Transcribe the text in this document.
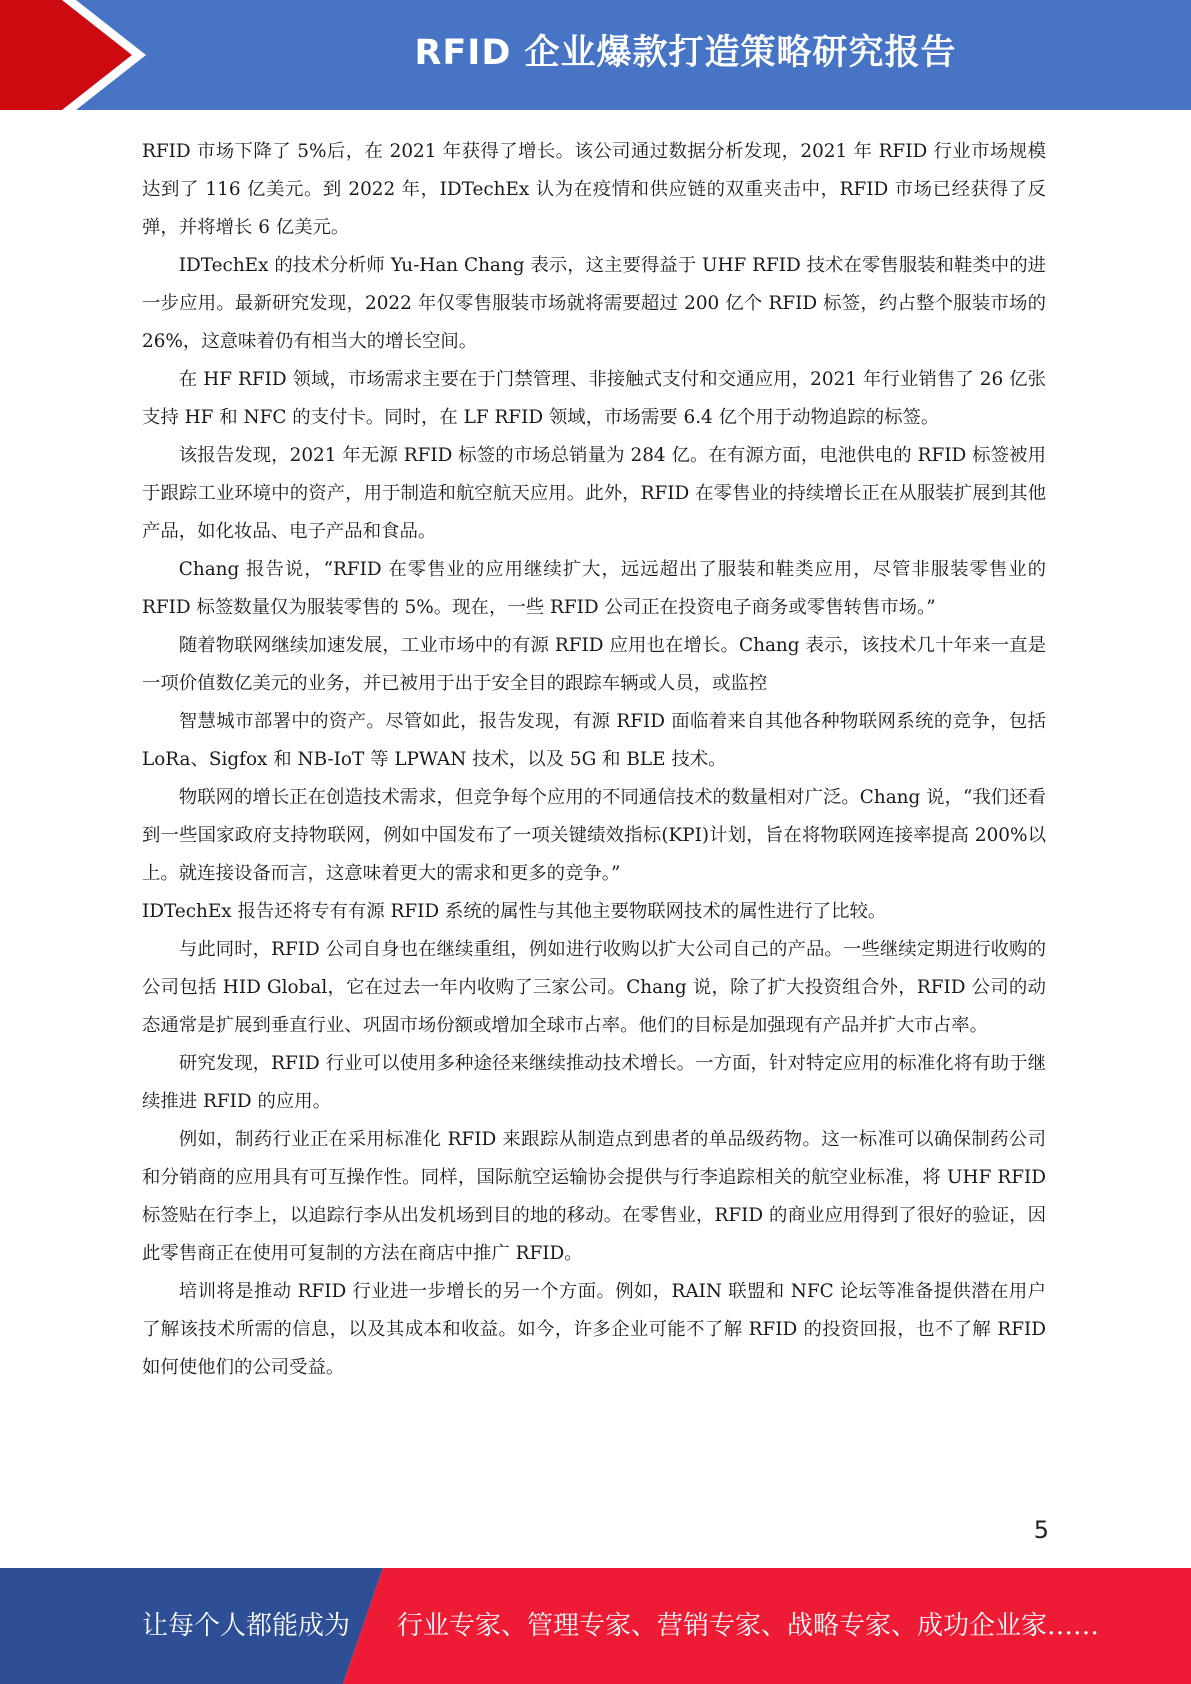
RFID 企业爆款打造策略研究报告

RFID 市场下降了 5%后，在 2021 年获得了增长。该公司通过数据分析发现，2021 年 RFID 行业市场规模达到了 116 亿美元。到 2022 年，IDTechEx 认为在疫情和供应链的双重夹击中，RFID 市场已经获得了反弹，并将增长 6 亿美元。

IDTechEx 的技术分析师 Yu-Han Chang 表示，这主要得益于 UHF RFID 技术在零售服装和鞋类中的进一步应用。最新研究发现，2022 年仅零售服装市场就将需要超过 200 亿个 RFID 标签，约占整个服装市场的 26%，这意味着仍有相当大的增长空间。

在 HF RFID 领域，市场需求主要在于门禁管理、非接触式支付和交通应用，2021 年行业销售了 26 亿张支持 HF 和 NFC 的支付卡。同时，在 LF RFID 领域，市场需要 6.4 亿个用于动物追踪的标签。

该报告发现，2021 年无源 RFID 标签的市场总销量为 284 亿。在有源方面，电池供电的 RFID 标签被用于跟踪工业环境中的资产，用于制造和航空航天应用。此外，RFID 在零售业的持续增长正在从服装扩展到其他产品，如化妆品、电子产品和食品。

Chang 报告说，“RFID 在零售业的应用继续扩大，远远超出了服装和鞋类应用，尽管非服装零售业的 RFID 标签数量仅为服装零售的 5%。现在，一些 RFID 公司正在投资电子商务或零售转售市场。”

随着物联网继续加速发展，工业市场中的有源 RFID 应用也在增长。Chang 表示，该技术几十年来一直是一项价值数亿美元的业务，并已被用于出于安全目的跟踪车辆或人员，或监控

智慧城市部署中的资产。尽管如此，报告发现，有源 RFID 面临着来自其他各种物联网系统的竞争，包括 LoRa、Sigfox 和 NB-IoT 等 LPWAN 技术，以及 5G 和 BLE 技术。

物联网的增长正在创造技术需求，但竞争每个应用的不同通信技术的数量相对广泛。Chang 说，“我们还看到一些国家政府支持物联网，例如中国发布了一项关键绩效指标(KPI)计划，旨在将物联网连接率提高 200%以上。就连接设备而言，这意味着更大的需求和更多的竞争。”

IDTechEx 报告还将专有有源 RFID 系统的属性与其他主要物联网技术的属性进行了比较。

与此同时，RFID 公司自身也在继续重组，例如进行收购以扩大公司自己的产品。一些继续定期进行收购的公司包括 HID Global，它在过去一年内收购了三家公司。Chang 说，除了扩大投资组合外，RFID 公司的动态通常是扩展到垂直行业、巩固市场份额或增加全球市占率。他们的目标是加强现有产品并扩大市占率。

研究发现，RFID 行业可以使用多种途径来继续推动技术增长。一方面，针对特定应用的标准化将有助于继续推进 RFID 的应用。

例如，制药行业正在采用标准化 RFID 来跟踪从制造点到患者的单品级药物。这一标准可以确保制药公司和分销商的应用具有可互操作性。同样，国际航空运输协会提供与行李追踪相关的航空业标准，将 UHF RFID 标签贴在行李上，以追踪行李从出发机场到目的地的移动。在零售业，RFID 的商业应用得到了很好的验证，因此零售商正在使用可复制的方法在商店中推广 RFID。

培训将是推动 RFID 行业进一步增长的另一个方面。例如，RAIN 联盟和 NFC 论坛等准备提供潜在用户了解该技术所需的信息，以及其成本和收益。如今，许多企业可能不了解 RFID 的投资回报，也不了解 RFID 如何使他们的公司受益。

5
让每个人都能成为 行业专家、管理专家、营销专家、战略专家、成功企业家……
